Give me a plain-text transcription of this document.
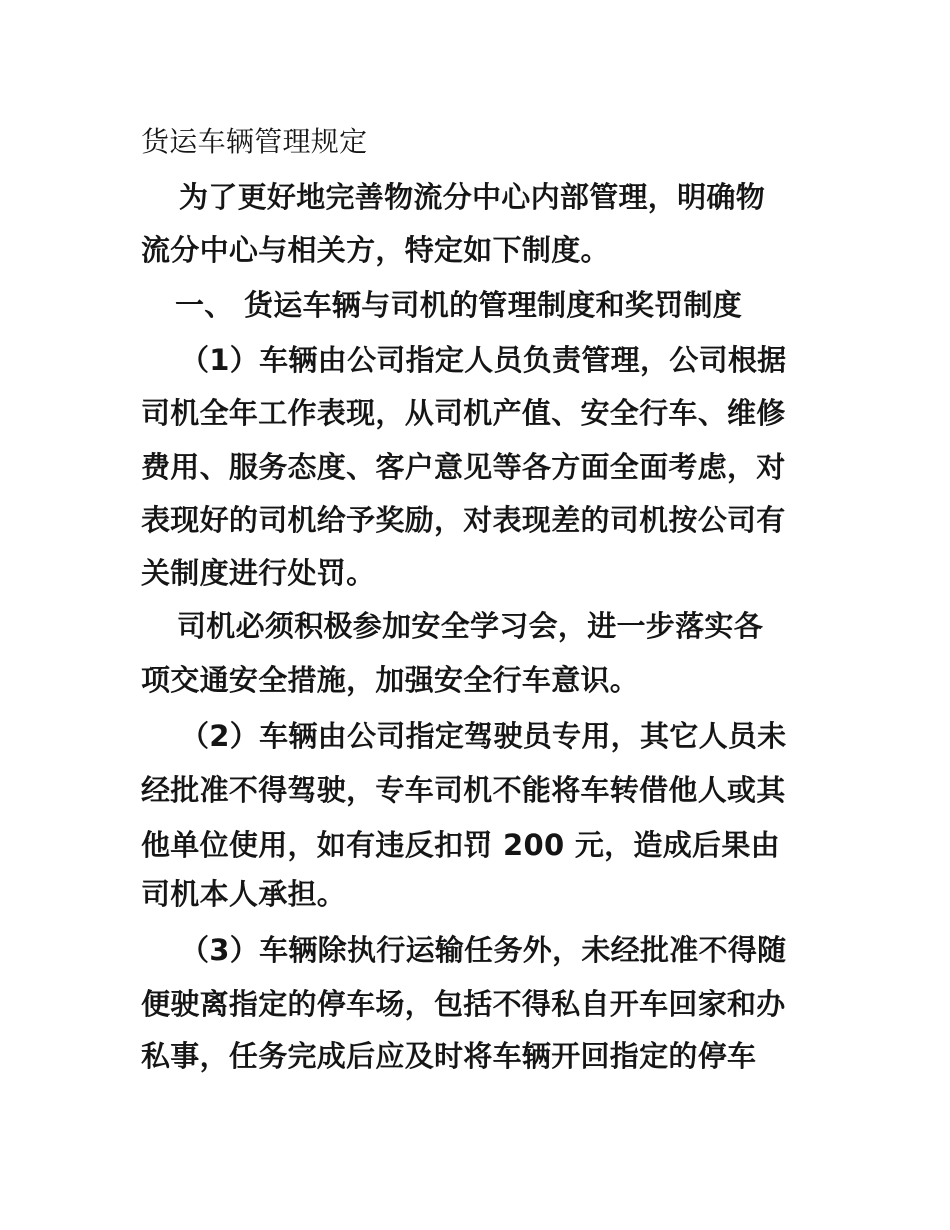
货运车辆管理规定
为了更好地完善物流分中心内部管理，明确物
流分中心与相关方，特定如下制度。
一、 货运车辆与司机的管理制度和奖罚制度
（1）车辆由公司指定人员负责管理，公司根据
司机全年工作表现，从司机产值、安全行车、维修
费用、服务态度、客户意见等各方面全面考虑，对
表现好的司机给予奖励，对表现差的司机按公司有
关制度进行处罚。
司机必须积极参加安全学习会，进一步落实各
项交通安全措施，加强安全行车意识。
（2）车辆由公司指定驾驶员专用，其它人员未
经批准不得驾驶，专车司机不能将车转借他人或其
他单位使用，如有违反扣罚 200 元，造成后果由
司机本人承担。
（3）车辆除执行运输任务外，未经批准不得随
便驶离指定的停车场，包括不得私自开车回家和办
私事，任务完成后应及时将车辆开回指定的停车
